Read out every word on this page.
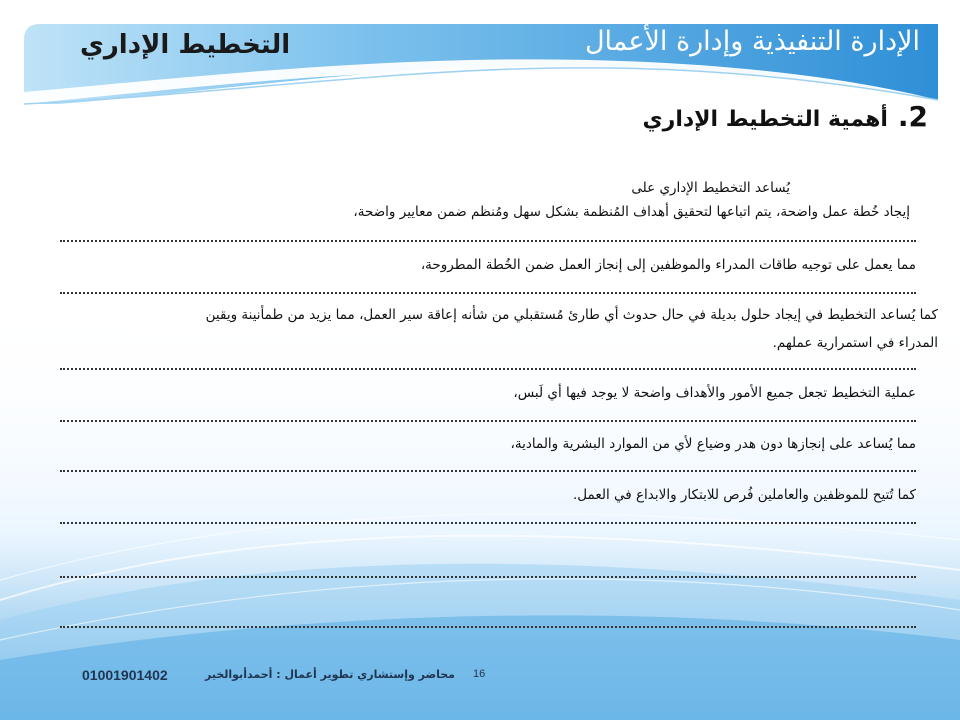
الإدارة التنفيذية وإدارة الأعمال
التخطيط الإداري
2.
أهمية التخطيط الإداري
يُساعد التخطيط الإداري على
إيجاد خُطة عمل واضحة، يتم اتباعها لتحقيق أهداف المُنظمة بشكل سهل ومُنظم ضمن معايير واضحة،
مما يعمل على توجيه طاقات المدراء والموظفين إلى إنجاز العمل ضمن الخُطة المطروحة،
كما يُساعد التخطيط في إيجاد حلول بديلة في حال حدوث أي طارئ مُستقبلي من شأنه إعاقة سير العمل، مما يزيد من طمأنينة ويقين
المدراء في استمرارية عملهم.
عملية التخطيط تجعل جميع الأمور والأهداف واضحة لا يوجد فيها أي لَبس،
مما يُساعد على إنجازها دون هدر وضياع لأي من الموارد البشرية والمادية،
كما تُتيح للموظفين والعاملين فُرص للابتكار والابداع في العمل.
01001901402	محاضر وإستشاري تطوير أعمال : أحمدأبوالخير 16
